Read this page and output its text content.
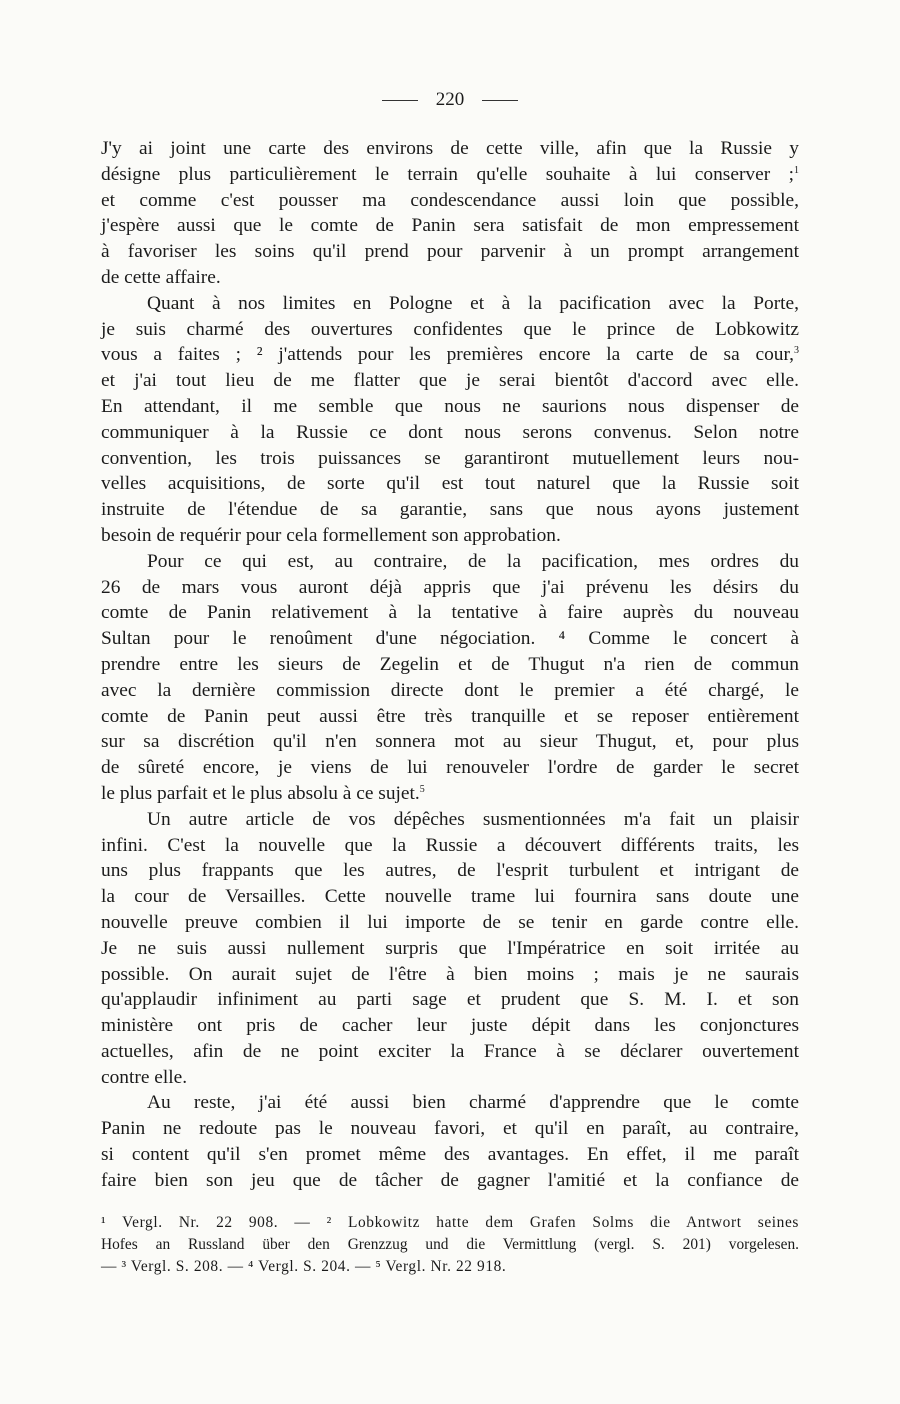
220
J'y ai joint une carte des environs de cette ville, afin que la Russie y
désigne plus particulièrement le terrain qu'elle souhaite à lui conserver ;$^1$
et comme c'est pousser ma condescendance aussi loin que possible,
j'espère aussi que le comte de Panin sera satisfait de mon empressement
à favoriser les soins qu'il prend pour parvenir à un prompt arrangement
de cette affaire.
Quant à nos limites en Pologne et à la pacification avec la Porte,
je suis charmé des ouvertures confidentes que le prince de Lobkowitz
vous a faites ; ² j'attends pour les premières encore la carte de sa cour,$^3$
et j'ai tout lieu de me flatter que je serai bientôt d'accord avec elle.
En attendant, il me semble que nous ne saurions nous dispenser de
communiquer à la Russie ce dont nous serons convenus. Selon notre
convention, les trois puissances se garantiront mutuellement leurs nou-
velles acquisitions, de sorte qu'il est tout naturel que la Russie soit
instruite de l'étendue de sa garantie, sans que nous ayons justement
besoin de requérir pour cela formellement son approbation.
Pour ce qui est, au contraire, de la pacification, mes ordres du
26 de mars vous auront déjà appris que j'ai prévenu les désirs du
comte de Panin relativement à la tentative à faire auprès du nouveau
Sultan pour le renoûment d'une négociation. ⁴ Comme le concert à
prendre entre les sieurs de Zegelin et de Thugut n'a rien de commun
avec la dernière commission directe dont le premier a été chargé, le
comte de Panin peut aussi être très tranquille et se reposer entièrement
sur sa discrétion qu'il n'en sonnera mot au sieur Thugut, et, pour plus
de sûreté encore, je viens de lui renouveler l'ordre de garder le secret
le plus parfait et le plus absolu à ce sujet.$^5$
Un autre article de vos dépêches susmentionnées m'a fait un plaisir
infini. C'est la nouvelle que la Russie a découvert différents traits, les
uns plus frappants que les autres, de l'esprit turbulent et intrigant de
la cour de Versailles. Cette nouvelle trame lui fournira sans doute une
nouvelle preuve combien il lui importe de se tenir en garde contre elle.
Je ne suis aussi nullement surpris que l'Impératrice en soit irritée au
possible. On aurait sujet de l'être à bien moins ; mais je ne saurais
qu'applaudir infiniment au parti sage et prudent que S. M. I. et son
ministère ont pris de cacher leur juste dépit dans les conjonctures
actuelles, afin de ne point exciter la France à se déclarer ouvertement
contre elle.
Au reste, j'ai été aussi bien charmé d'apprendre que le comte
Panin ne redoute pas le nouveau favori, et qu'il en paraît, au contraire,
si content qu'il s'en promet même des avantages. En effet, il me paraît
faire bien son jeu que de tâcher de gagner l'amitié et la confiance de
¹ Vergl. Nr. 22 908. — ² Lobkowitz hatte dem Grafen Solms die Antwort seines
Hofes an Russland über den Grenzzug und die Vermittlung (vergl. S. 201) vorgelesen.
— ³ Vergl. S. 208. — ⁴ Vergl. S. 204. — ⁵ Vergl. Nr. 22 918.
